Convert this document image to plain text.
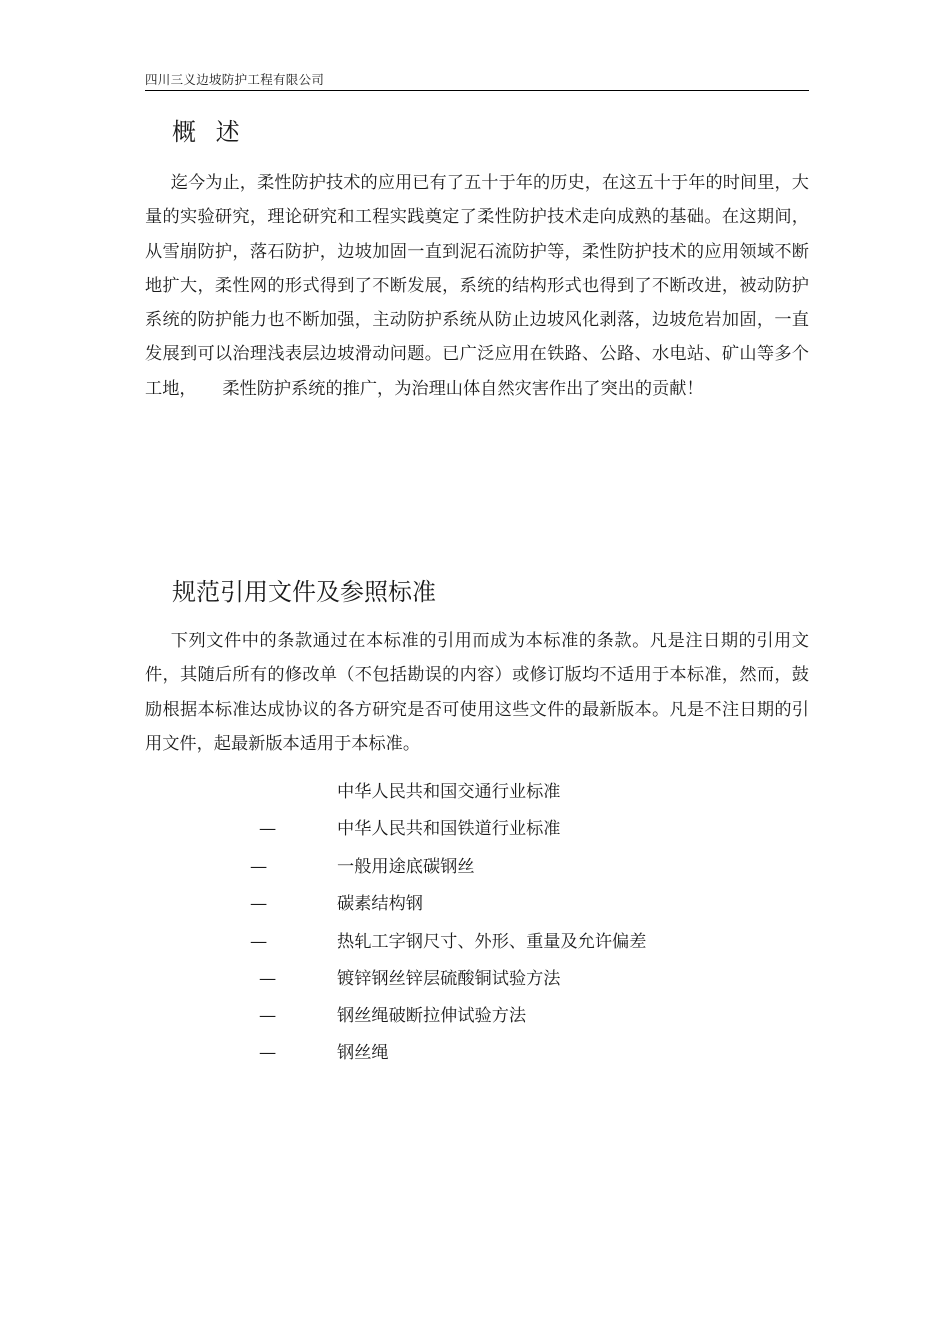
四川三义边坡防护工程有限公司
概 述

迄今为止，柔性防护技术的应用已有了五十于年的历史，在这五十于年的时间里，大量的实验研究，理论研究和工程实践奠定了柔性防护技术走向成熟的基础。在这期间，从雪崩防护，落石防护，边坡加固一直到泥石流防护等，柔性防护技术的应用领域不断地扩大，柔性网的形式得到了不断发展，系统的结构形式也得到了不断改进，被动防护系统的防护能力也不断加强，主动防护系统从防止边坡风化剥落，边坡危岩加固，一直发展到可以治理浅表层边坡滑动问题。已广泛应用在铁路、公路、水电站、矿山等多个工地，　　柔性防护系统的推广，为治理山体自然灾害作出了突出的贡献！

规范引用文件及参照标准

下列文件中的条款通过在本标准的引用而成为本标准的条款。凡是注日期的引用文件，其随后所有的修改单（不包括勘误的内容）或修订版均不适用于本标准，然而，鼓励根据本标准达成协议的各方研究是否可使用这些文件的最新版本。凡是不注日期的引用文件，起最新版本适用于本标准。

中华人民共和国交通行业标准
—	中华人民共和国铁道行业标准
—	一般用途底碳钢丝
—	碳素结构钢
—	热轧工字钢尺寸、外形、重量及允许偏差
—	镀锌钢丝锌层硫酸铜试验方法
—	钢丝绳破断拉伸试验方法
—	钢丝绳
